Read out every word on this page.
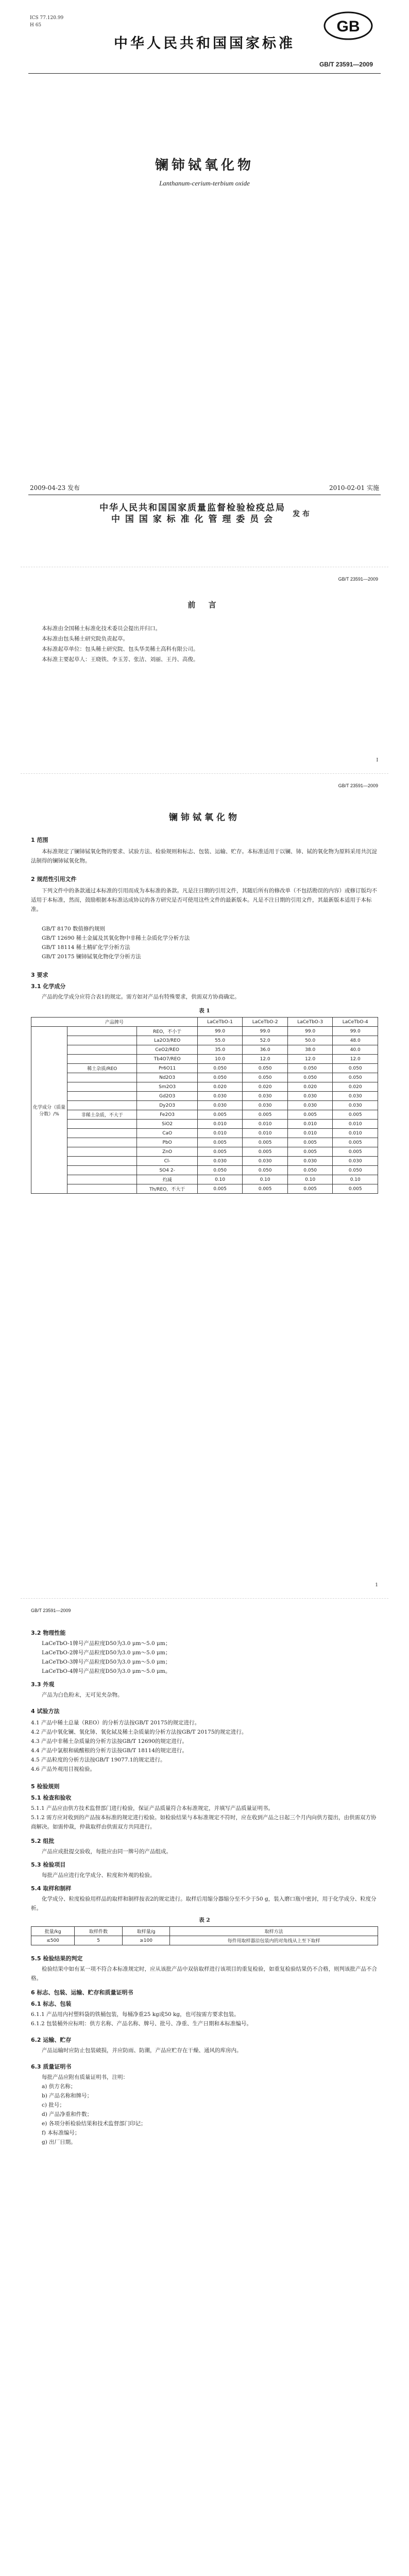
ICS 77.120.99
H 65	GB
中华人民共和国国家标准
GB/T 23591—2009
镧铈铽氧化物
Lanthanum-cerium-terbium oxide
2009-04-23 发布	2010-02-01 实施
中华人民共和国国家质量监督检验检疫总局
中 国 国 家 标 准 化 管 理 委 员 会	发 布
GB/T 23591—2009
前 言
本标准由全国稀土标准化技术委员会提出并归口。
本标准由包头稀土研究院负责起草。
本标准起草单位：包头稀土研究院、包头华美稀土高科有限公司。
本标准主要起草人：王晓铁、李玉芳、张洁、刘丽、王丹、高俊。
I
GB/T 23591—2009
镧铈铽氧化物
1 范围
本标准规定了镧铈铽氧化物的要求、试验方法、检验规则和标志、包装、运输、贮存。本标准适用于以镧、铈、铽的氧化物为原料采用共沉淀法制得的镧铈铽氧化物。
2 规范性引用文件
下列文件中的条款通过本标准的引用而成为本标准的条款。凡是注日期的引用文件，其随后所有的修改单（不包括勘误的内容）或修订版均不适用于本标准，然而，鼓励根据本标准达成协议的各方研究是否可使用这些文件的最新版本。凡是不注日期的引用文件，其最新版本适用于本标准。
GB/T 8170 数值修约规则
GB/T 12690 稀土金属及其氧化物中非稀土杂质化学分析方法
GB/T 18114 稀土精矿化学分析方法
GB/T 20175 镧铈铽氧化物化学分析方法
3 要求
3.1 化学成分
产品的化学成分应符合表1的规定。需方如对产品有特殊要求，供需双方协商确定。
表 1
产品牌号			LaCeTbO-1	LaCeTbO-2	LaCeTbO-3	LaCeTbO-4
化学成分（质量分数）/%		REO，不小于	99.0	99.0	99.0	99.0
		La2O3/REO	55.0	52.0	50.0	48.0
		CeO2/REO	35.0	36.0	38.0	40.0
		Tb4O7/REO	10.0	12.0	12.0	12.0
	稀土杂质/REO	Pr6O11	0.050	0.050	0.050	0.050
		Nd2O3	0.050	0.050	0.050	0.050
		Sm2O3	0.020	0.020	0.020	0.020
		Gd2O3	0.030	0.030	0.030	0.030
		Dy2O3	0.030	0.030	0.030	0.030
	非稀土杂质，不大于	Fe2O3	0.005	0.005	0.005	0.005
		SiO2	0.010	0.010	0.010	0.010
		CaO	0.010	0.010	0.010	0.010
		PbO	0.005	0.005	0.005	0.005
		ZnO	0.005	0.005	0.005	0.005
		Cl-	0.030	0.030	0.030	0.030
		SO4 2-	0.050	0.050	0.050	0.050
		灼减	0.10	0.10	0.10	0.10
		Th/REO，不大于	0.005	0.005	0.005	0.005
1
GB/T 23591—2009
3.2 物理性能
LaCeTbO-1牌号产品粒度D50为3.0 μm～5.0 μm；
LaCeTbO-2牌号产品粒度D50为3.0 μm～5.0 μm；
LaCeTbO-3牌号产品粒度D50为3.0 μm～5.0 μm；
LaCeTbO-4牌号产品粒度D50为3.0 μm～5.0 μm。
3.3 外观
产品为白色粉末，无可见夹杂物。
4 试验方法
4.1 产品中稀土总量（REO）的分析方法按GB/T 20175的规定进行。
4.2 产品中氧化镧、氧化铈、氧化铽及稀土杂质量的分析方法按GB/T 20175的规定进行。
4.3 产品中非稀土杂质量的分析方法按GB/T 12690的规定进行。
4.4 产品中氯根和硫酸根的分析方法按GB/T 18114的规定进行。
4.5 产品粒度的分析方法按GB/T 19077.1的规定进行。
4.6 产品外观用目视检验。
5 检验规则
5.1 检查和验收
5.1.1 产品应由供方技术监督部门进行检验，保证产品质量符合本标准规定，并填写产品质量证明书。
5.1.2 需方应对收到的产品按本标准的规定进行检验。如检验结果与本标准规定不符时，应在收到产品之日起三个月内向供方提出，由供需双方协商解决。如需仲裁，仲裁取样由供需双方共同进行。
5.2 组批
产品应成批提交验收，每批应由同一牌号的产品组成。
5.3 检验项目
每批产品应进行化学成分、粒度和外观的检验。
5.4 取样和制样
化学成分、粒度检验用样品的取样和制样按表2的规定进行。取样后用缩分器缩分至不少于50 g，装入磨口瓶中密封，用于化学成分、粒度分析。
表 2
批量/kg	取样件数	取样量/g	取样方法
≤500	5	≥100	每件用取样器沿包装内的对角线从上至下取样
5.5 检验结果的判定
检验结果中如有某一项不符合本标准规定时，应从该批产品中双倍取样进行该项目的重复检验，如重复检验结果仍不合格，则判该批产品不合格。
6 标志、包装、运输、贮存和质量证明书
6.1 标志、包装
6.1.1 产品用内衬塑料袋的铁桶包装，每桶净重25 kg或50 kg，也可按需方要求包装。
6.1.2 包装桶外应标明：供方名称、产品名称、牌号、批号、净重、生产日期和本标准编号。
6.2 运输、贮存
产品运输时应防止包装破损，并应防雨、防潮，产品应贮存在干燥、通风的库房内。
6.3 质量证明书
每批产品应附有质量证明书，注明：
a) 供方名称；
b) 产品名称和牌号；
c) 批号；
d) 产品净重和件数；
e) 各项分析检验结果和技术监督部门印记；
f) 本标准编号；
g) 出厂日期。
